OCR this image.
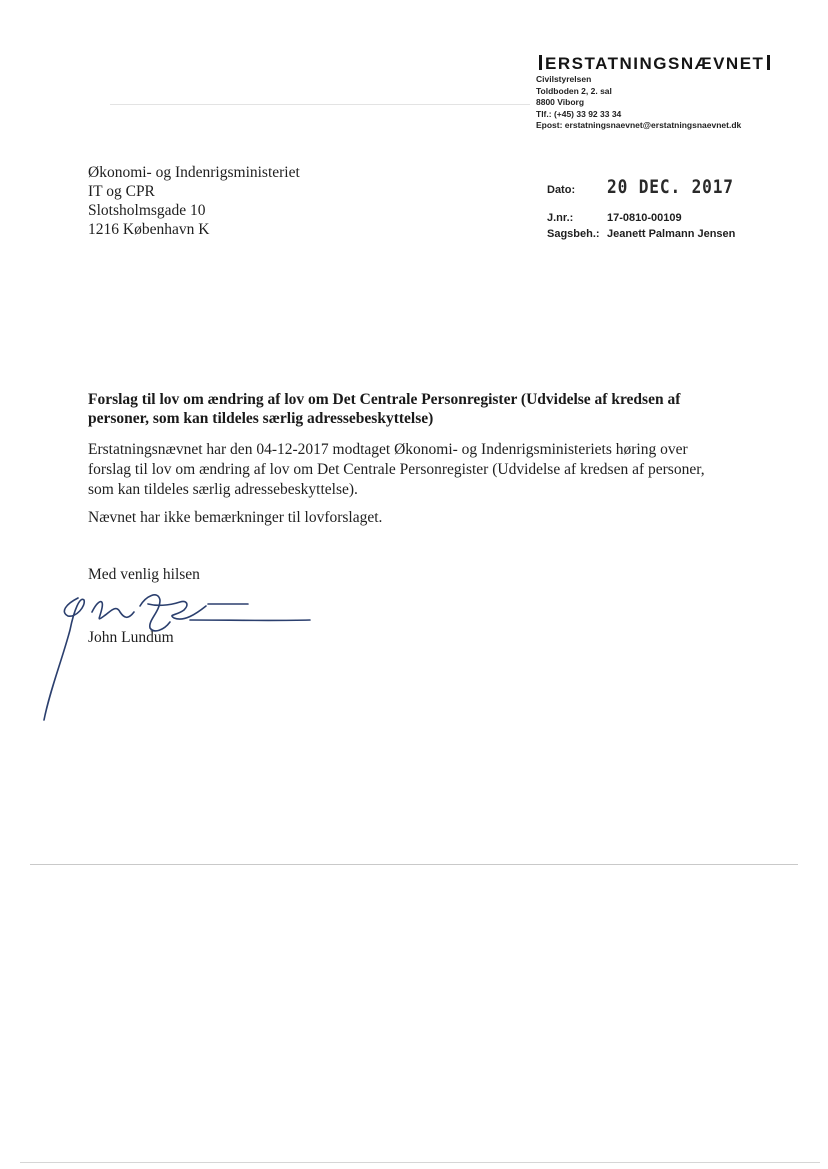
ERSTATNINGSNÆVNET
Civilstyrelsen
Toldboden 2, 2. sal
8800 Viborg
Tlf.: (+45) 33 92 33 34
Epost: erstatningsnaevnet@erstatningsnaevnet.dk
Økonomi- og Indenrigsministeriet
IT og CPR
Slotsholmsgade 10
1216 København K
Dato: 20 DEC. 2017
J.nr.:	17-0810-00109
Sagsbeh.: Jeanett Palmann Jensen
Forslag til lov om ændring af lov om Det Centrale Personregister (Udvidelse af kredsen af personer, som kan tildeles særlig adressebeskyttelse)
Erstatningsnævnet har den 04-12-2017 modtaget Økonomi- og Indenrigsministeriets høring over forslag til lov om ændring af lov om Det Centrale Personregister (Udvidelse af kredsen af personer, som kan tildeles særlig adressebeskyttelse).
Nævnet har ikke bemærkninger til lovforslaget.
Med venlig hilsen
John Lundum
